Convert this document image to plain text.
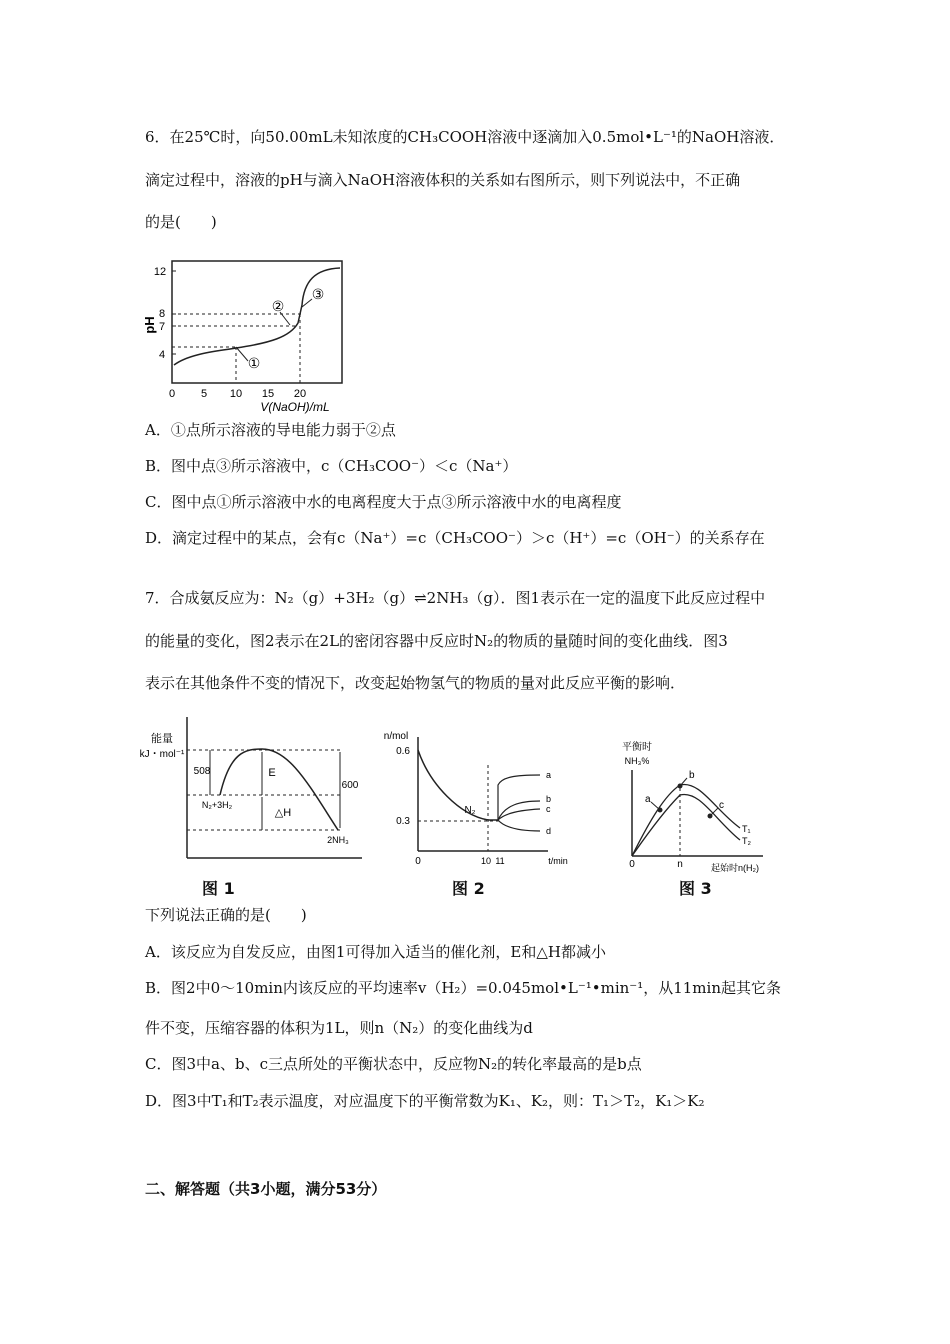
6．在25℃时，向50.00mL未知浓度的CH₃COOH溶液中逐滴加入0.5mol•L⁻¹的NaOH溶液．
滴定过程中，溶液的pH与滴入NaOH溶液体积的关系如右图所示，则下列说法中，不正确
的是(　　)
pH
4
7
8
12
0 5 10 15 20
V(NaOH)/mL
①
②
③
A．①点所示溶液的导电能力弱于②点
B．图中点③所示溶液中，c（CH₃COO⁻）＜c（Na⁺）
C．图中点①所示溶液中水的电离程度大于点③所示溶液中水的电离程度
D．滴定过程中的某点，会有c（Na⁺）=c（CH₃COO⁻）＞c（H⁺）=c（OH⁻）的关系存在
7．合成氨反应为：N₂（g）+3H₂（g）⇌2NH₃（g）．图1表示在一定的温度下此反应过程中
的能量的变化，图2表示在2L的密闭容器中反应时N₂的物质的量随时间的变化曲线．图3
表示在其他条件不变的情况下，改变起始物氢气的物质的量对此反应平衡的影响．
能量
kJ・mol⁻¹
508	E
△H
600
N₂+3H₂
2NH₃
图 1
n/mol
0.6
0.3
a
b
c
d
N₂
0	10 11	t/min
图 2
平衡时
NH₃%
a
b
c
T₁
T₂
0	n	起始时n(H₂)
图 3
下列说法正确的是(　　)
A．该反应为自发反应，由图1可得加入适当的催化剂，E和△H都减小
B．图2中0～10min内该反应的平均速率v（H₂）=0.045mol•L⁻¹•min⁻¹，从11min起其它条
件不变，压缩容器的体积为1L，则n（N₂）的变化曲线为d
C．图3中a、b、c三点所处的平衡状态中，反应物N₂的转化率最高的是b点
D．图3中T₁和T₂表示温度，对应温度下的平衡常数为K₁、K₂，则：T₁＞T₂，K₁＞K₂
二、解答题（共3小题，满分53分）
